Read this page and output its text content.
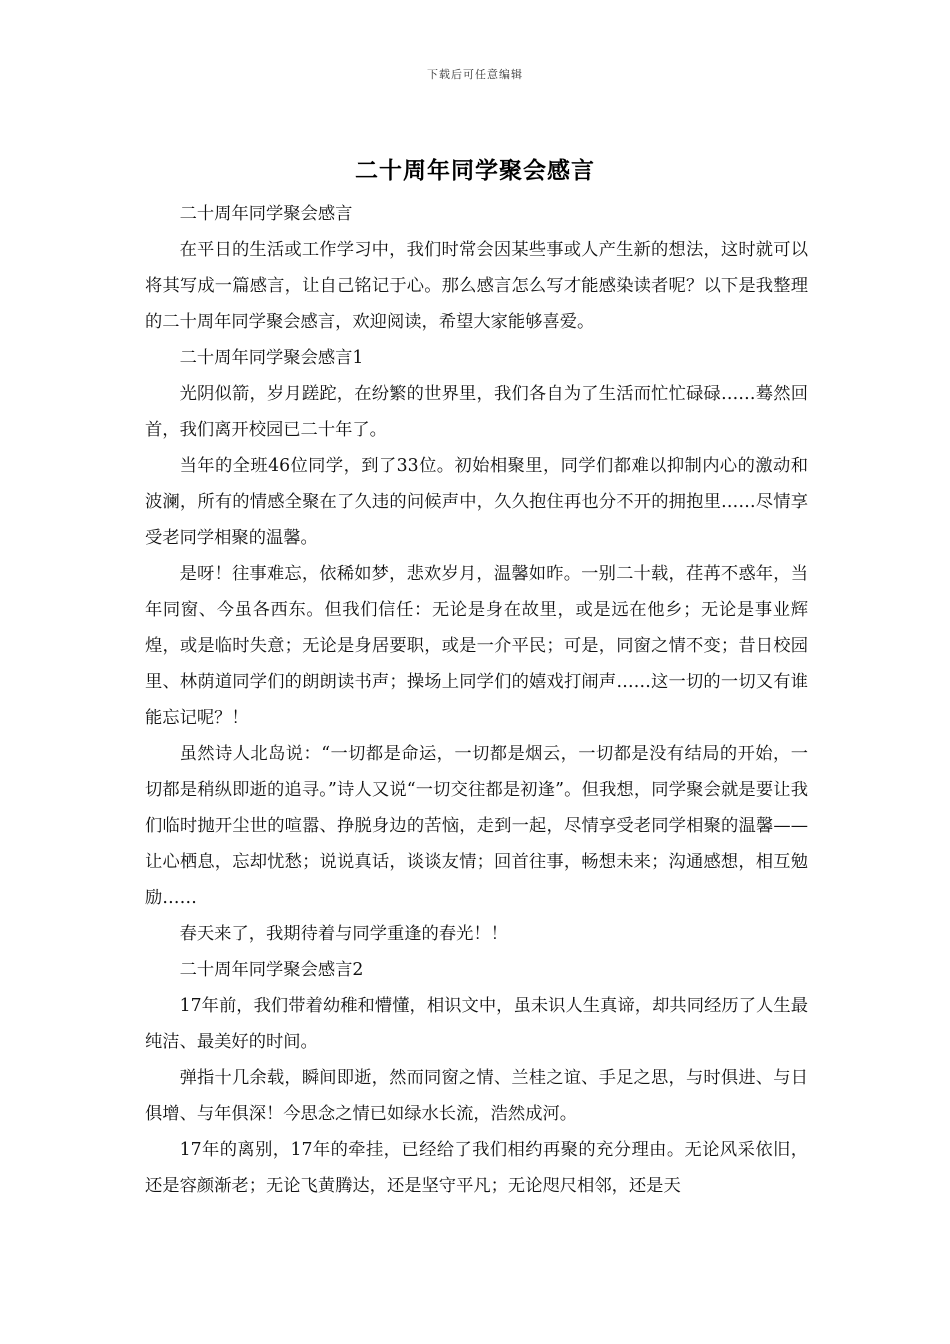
下载后可任意编辑
二十周年同学聚会感言

二十周年同学聚会感言

在平日的生活或工作学习中，我们时常会因某些事或人产生新的想法，这时就可以将其写成一篇感言，让自己铭记于心。那么感言怎么写才能感染读者呢？以下是我整理的二十周年同学聚会感言，欢迎阅读，希望大家能够喜爱。

二十周年同学聚会感言1

光阴似箭，岁月蹉跎，在纷繁的世界里，我们各自为了生活而忙忙碌碌……蓦然回首，我们离开校园已二十年了。

当年的全班46位同学，到了33位。初始相聚里，同学们都难以抑制内心的激动和波澜，所有的情感全聚在了久违的问候声中，久久抱住再也分不开的拥抱里……尽情享受老同学相聚的温馨。

是呀！往事难忘，依稀如梦，悲欢岁月，温馨如昨。一别二十载，荏苒不惑年，当年同窗、今虽各西东。但我们信任：无论是身在故里，或是远在他乡；无论是事业辉煌，或是临时失意；无论是身居要职，或是一介平民；可是，同窗之情不变；昔日校园里、林荫道同学们的朗朗读书声；操场上同学们的嬉戏打闹声……这一切的一切又有谁能忘记呢？！

虽然诗人北岛说：“一切都是命运，一切都是烟云，一切都是没有结局的开始，一切都是稍纵即逝的追寻。”诗人又说“一切交往都是初逢”。但我想，同学聚会就是要让我们临时抛开尘世的喧嚣、挣脱身边的苦恼，走到一起，尽情享受老同学相聚的温馨——让心栖息，忘却忧愁；说说真话，谈谈友情；回首往事，畅想未来；沟通感想，相互勉励……

春天来了，我期待着与同学重逢的春光！！

二十周年同学聚会感言2

17年前，我们带着幼稚和懵懂，相识文中，虽未识人生真谛，却共同经历了人生最纯洁、最美好的时间。

弹指十几余载，瞬间即逝，然而同窗之情、兰桂之谊、手足之思，与时俱进、与日俱增、与年俱深！今思念之情已如绿水长流，浩然成河。

17年的离别，17年的牵挂，已经给了我们相约再聚的充分理由。无论风采依旧，还是容颜渐老；无论飞黄腾达，还是坚守平凡；无论咫尺相邻，还是天
